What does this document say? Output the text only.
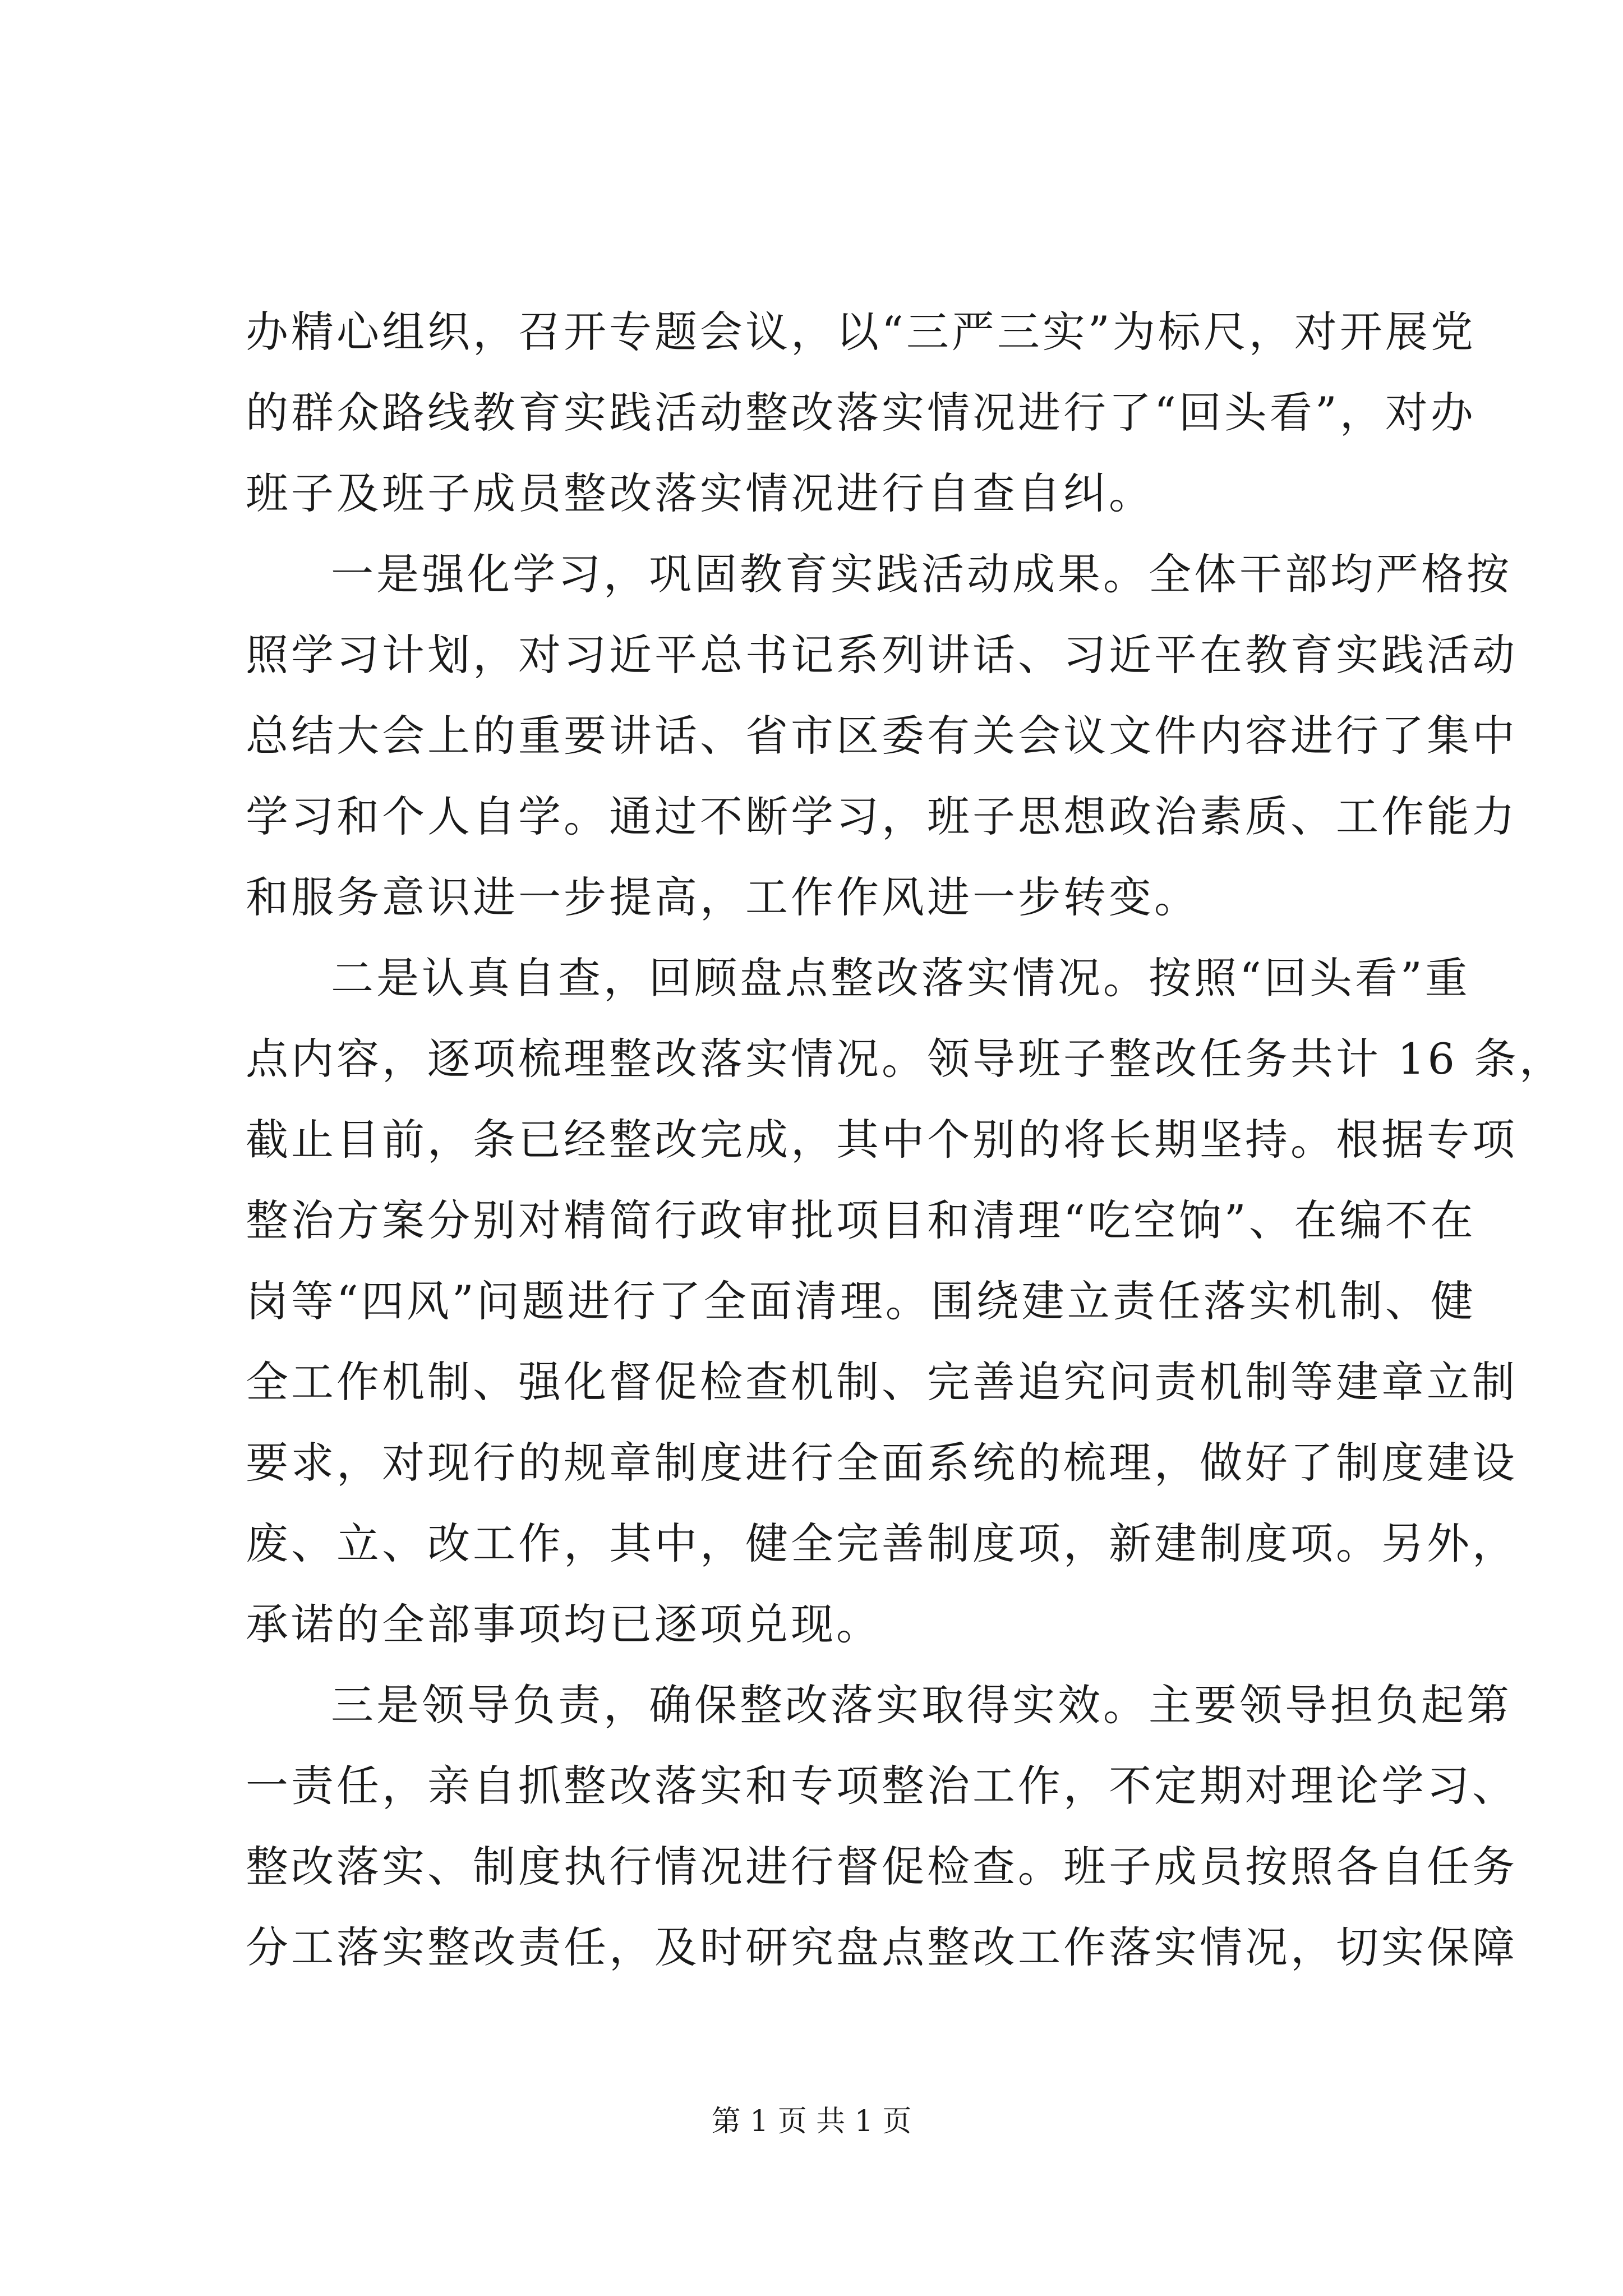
办精心组织，召开专题会议，以“三严三实”为标尺，对开展党
的群众路线教育实践活动整改落实情况进行了“回头看”，对办
班子及班子成员整改落实情况进行自查自纠。
一是强化学习，巩固教育实践活动成果。全体干部均严格按
照学习计划，对习近平总书记系列讲话、习近平在教育实践活动
总结大会上的重要讲话、省市区委有关会议文件内容进行了集中
学习和个人自学。通过不断学习，班子思想政治素质、工作能力
和服务意识进一步提高，工作作风进一步转变。
二是认真自查，回顾盘点整改落实情况。按照“回头看”重
点内容，逐项梳理整改落实情况。领导班子整改任务共计 16 条，
截止目前，条已经整改完成，其中个别的将长期坚持。根据专项
整治方案分别对精简行政审批项目和清理“吃空饷”、在编不在
岗等“四风”问题进行了全面清理。围绕建立责任落实机制、健
全工作机制、强化督促检查机制、完善追究问责机制等建章立制
要求，对现行的规章制度进行全面系统的梳理，做好了制度建设
废、立、改工作，其中，健全完善制度项，新建制度项。另外，
承诺的全部事项均已逐项兑现。
三是领导负责，确保整改落实取得实效。主要领导担负起第
一责任，亲自抓整改落实和专项整治工作，不定期对理论学习、
整改落实、制度执行情况进行督促检查。班子成员按照各自任务
分工落实整改责任，及时研究盘点整改工作落实情况，切实保障
第 1 页 共 1 页
